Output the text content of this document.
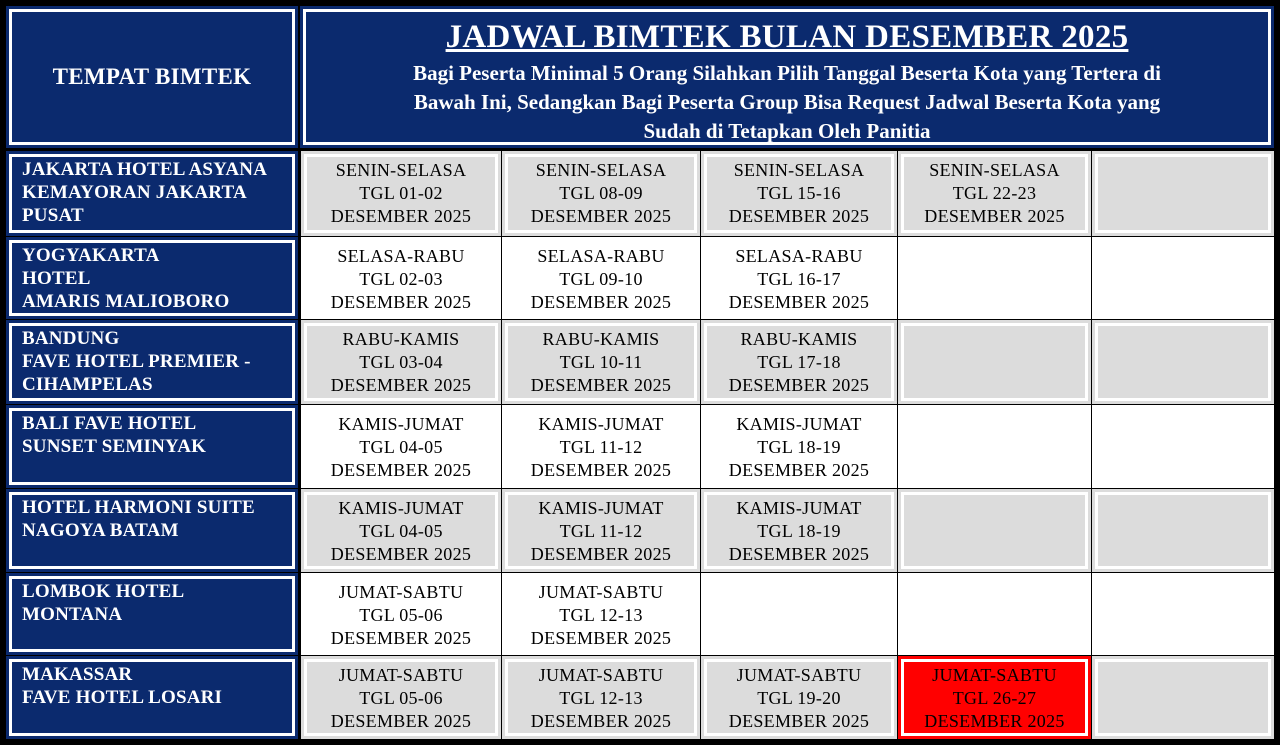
TEMPAT BIMTEK
JADWAL BIMTEK BULAN DESEMBER 2025
Bagi Peserta Minimal 5 Orang Silahkan Pilih Tanggal Beserta Kota yang Tertera di
Bawah Ini, Sedangkan Bagi Peserta Group Bisa Request Jadwal Beserta Kota yang
Sudah di Tetapkan Oleh Panitia
JAKARTA HOTEL ASYANA
KEMAYORAN JAKARTA
PUSAT
SENIN-SELASA
TGL 01-02
DESEMBER 2025
SENIN-SELASA
TGL 08-09
DESEMBER 2025
SENIN-SELASA
TGL 15-16
DESEMBER 2025
SENIN-SELASA
TGL 22-23
DESEMBER 2025
YOGYAKARTA
HOTEL
AMARIS MALIOBORO
SELASA-RABU
TGL 02-03
DESEMBER 2025
SELASA-RABU
TGL 09-10
DESEMBER 2025
SELASA-RABU
TGL 16-17
DESEMBER 2025
BANDUNG
FAVE HOTEL PREMIER -
CIHAMPELAS
RABU-KAMIS
TGL 03-04
DESEMBER 2025
RABU-KAMIS
TGL 10-11
DESEMBER 2025
RABU-KAMIS
TGL 17-18
DESEMBER 2025
BALI FAVE HOTEL
SUNSET SEMINYAK
KAMIS-JUMAT
TGL 04-05
DESEMBER 2025
KAMIS-JUMAT
TGL 11-12
DESEMBER 2025
KAMIS-JUMAT
TGL 18-19
DESEMBER 2025
HOTEL HARMONI SUITE
NAGOYA BATAM
KAMIS-JUMAT
TGL 04-05
DESEMBER 2025
KAMIS-JUMAT
TGL 11-12
DESEMBER 2025
KAMIS-JUMAT
TGL 18-19
DESEMBER 2025
LOMBOK HOTEL
MONTANA
JUMAT-SABTU
TGL 05-06
DESEMBER 2025
JUMAT-SABTU
TGL 12-13
DESEMBER 2025
MAKASSAR
FAVE HOTEL LOSARI
JUMAT-SABTU
TGL 05-06
DESEMBER 2025
JUMAT-SABTU
TGL 12-13
DESEMBER 2025
JUMAT-SABTU
TGL 19-20
DESEMBER 2025
JUMAT-SABTU
TGL 26-27
DESEMBER 2025
